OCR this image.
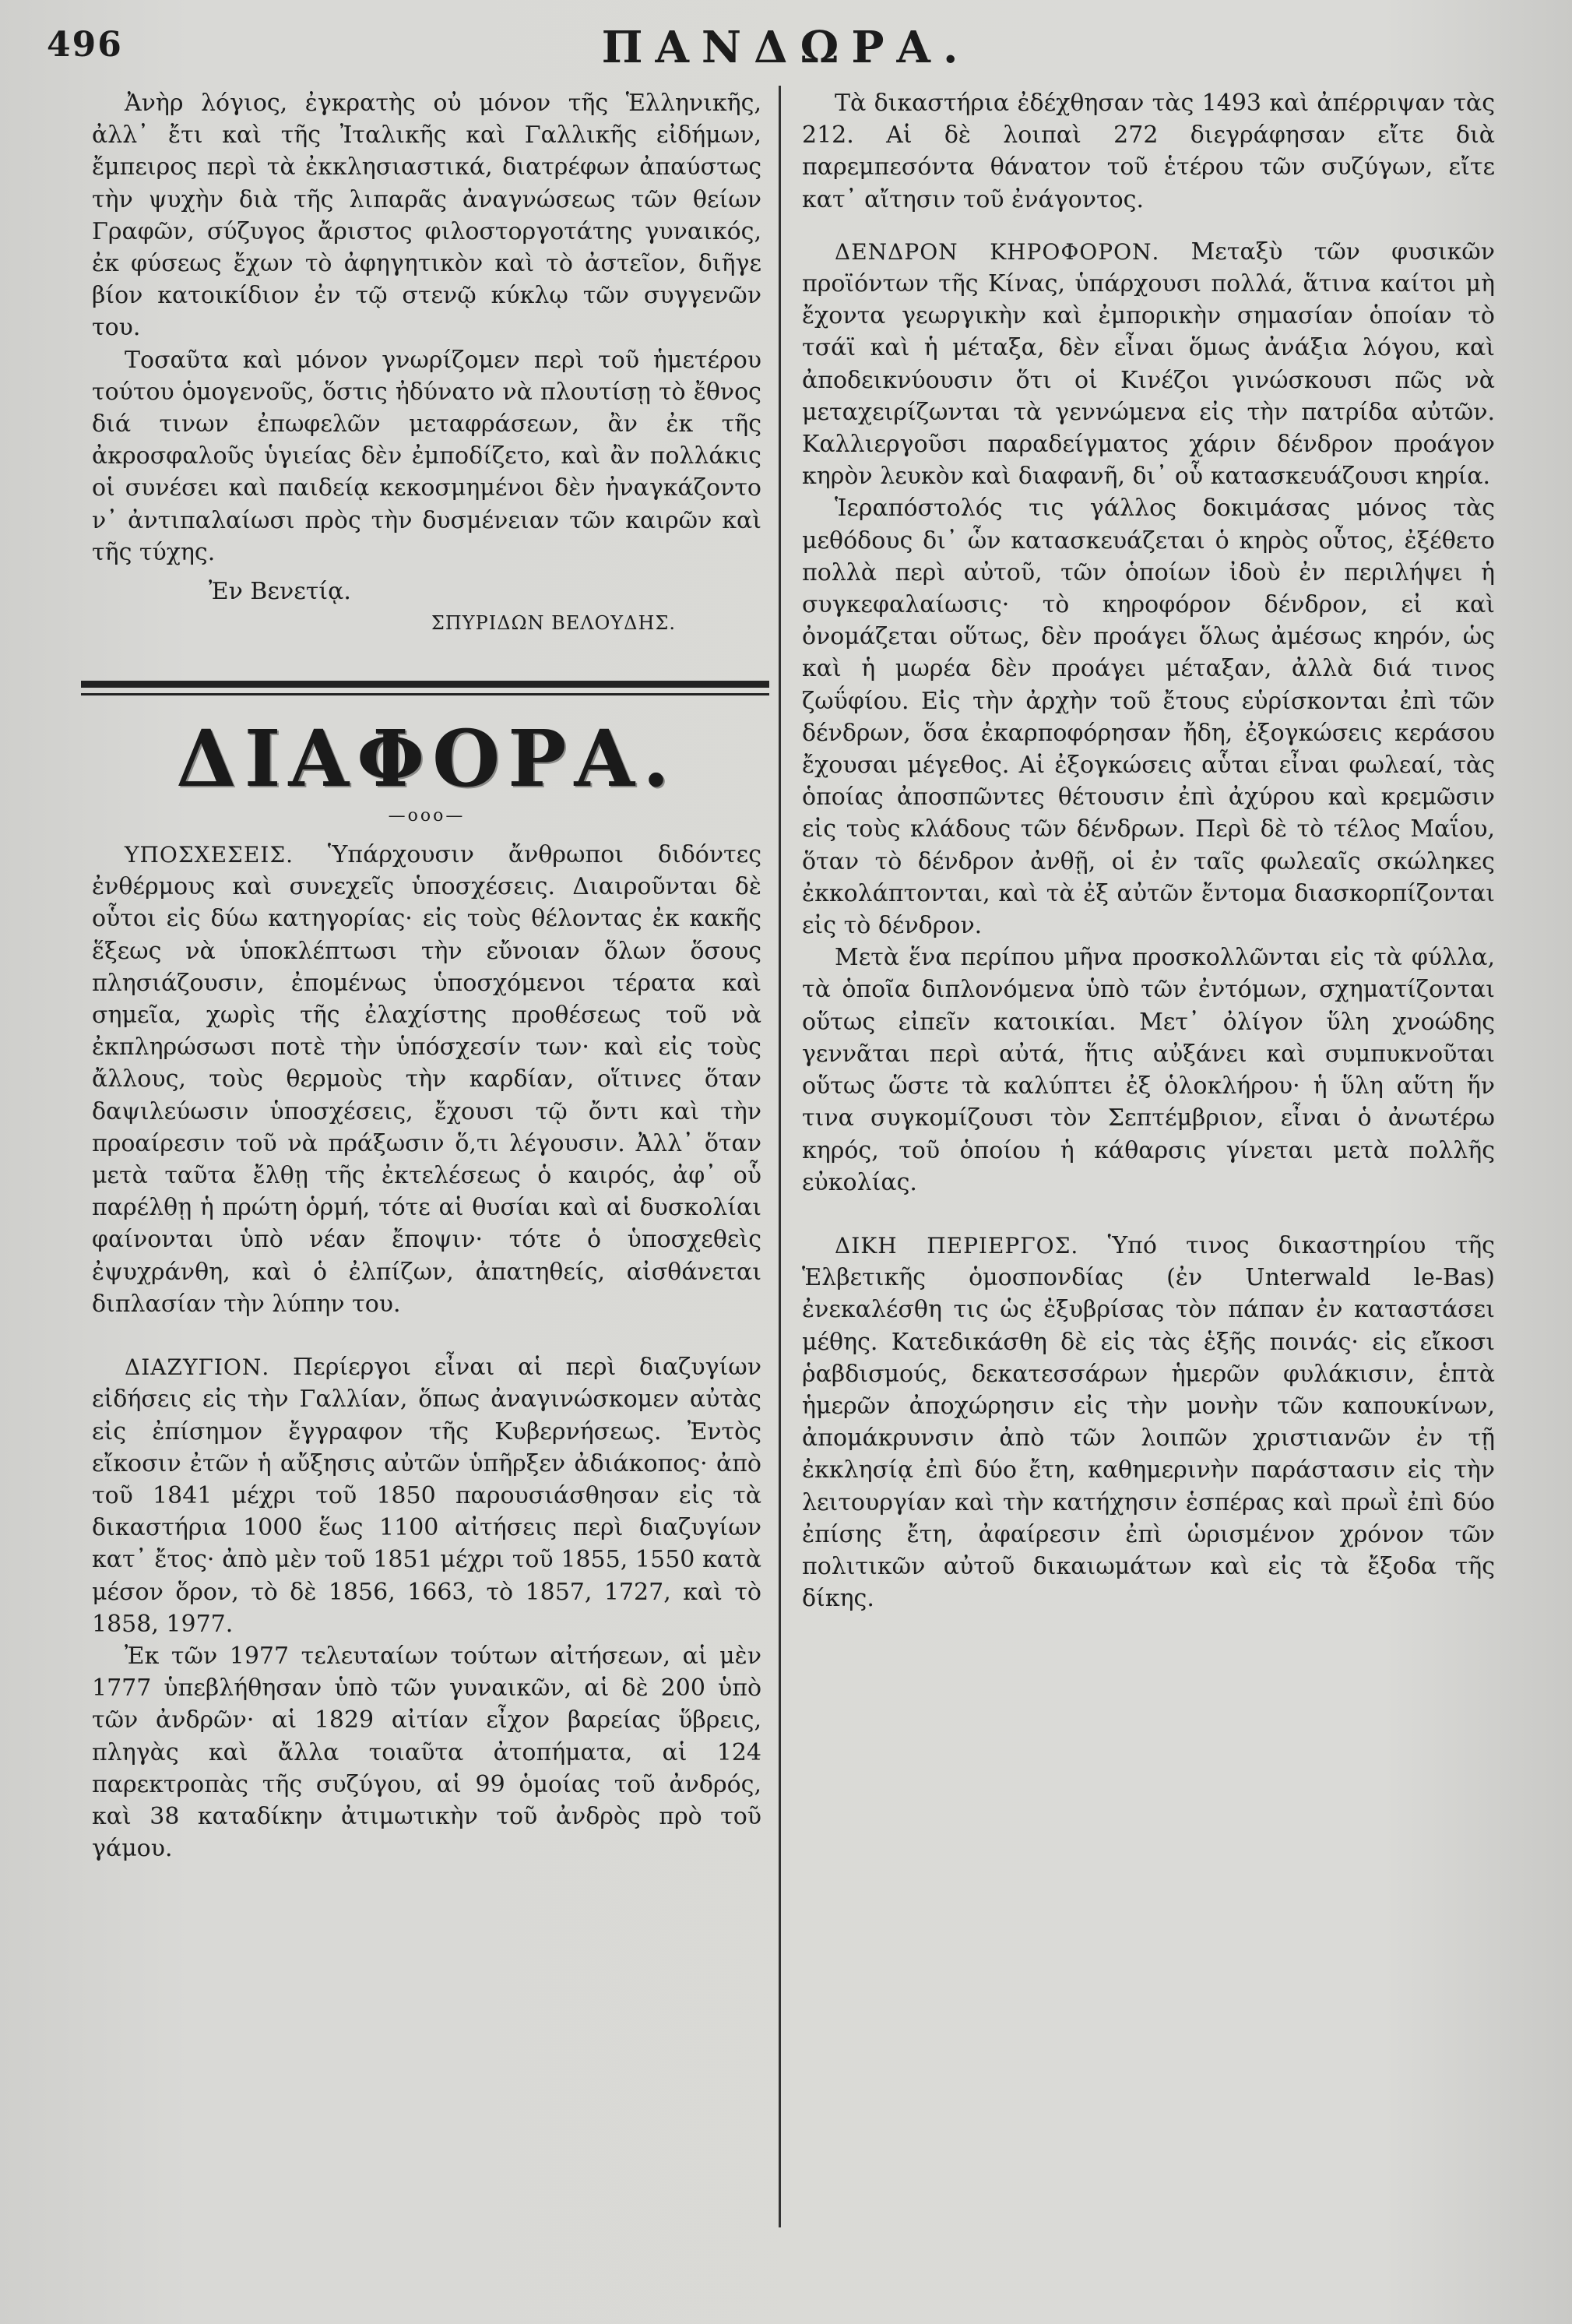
496	ΠΑΝΔΩΡΑ.

Ἀνὴρ λόγιος, ἐγκρατὴς οὐ μόνον τῆς Ἑλληνικῆς, ἀλλ᾽ ἔτι καὶ τῆς Ἰταλικῆς καὶ Γαλλικῆς εἰδήμων, ἔμπειρος περὶ τὰ ἐκκλησιαστικά, διατρέφων ἀπαύστως τὴν ψυχὴν διὰ τῆς λιπαρᾶς ἀναγνώσεως τῶν θείων Γραφῶν, σύζυγος ἄριστος φιλοστοργοτάτης γυναικός, ἐκ φύσεως ἔχων τὸ ἀφηγητικὸν καὶ τὸ ἀστεῖον, διῆγε βίον κατοικίδιον ἐν τῷ στενῷ κύκλῳ τῶν συγγενῶν του.

Τοσαῦτα καὶ μόνον γνωρίζομεν περὶ τοῦ ἡμετέρου τούτου ὁμογενοῦς, ὅστις ἠδύνατο νὰ πλουτίσῃ τὸ ἔθνος διά τινων ἐπωφελῶν μεταφράσεων, ἂν ἐκ τῆς ἀκροσφαλοῦς ὑγιείας δὲν ἐμποδίζετο, καὶ ἂν πολλάκις οἱ συνέσει καὶ παιδείᾳ κεκοσμημένοι δὲν ἠναγκάζοντο ν᾽ ἀντιπαλαίωσι πρὸς τὴν δυσμένειαν τῶν καιρῶν καὶ τῆς τύχης.

Ἐν Βενετίᾳ.
ΣΠΥΡΙΔΩΝ ΒΕΛΟΥΔΗΣ.
ΔΙΑΦΟΡΑ.
—ooo—

ΥΠΟΣΧΕΣΕΙΣ. Ὑπάρχουσιν ἄνθρωποι διδόντες ἐνθέρμους καὶ συνεχεῖς ὑποσχέσεις. Διαιροῦνται δὲ οὗτοι εἰς δύω κατηγορίας· εἰς τοὺς θέλοντας ἐκ κακῆς ἕξεως νὰ ὑποκλέπτωσι τὴν εὔνοιαν ὅλων ὅσους πλησιάζουσιν, ἐπομένως ὑποσχόμενοι τέρατα καὶ σημεῖα, χωρὶς τῆς ἐλαχίστης προθέσεως τοῦ νὰ ἐκπληρώσωσι ποτὲ τὴν ὑπόσχεσίν των· καὶ εἰς τοὺς ἄλλους, τοὺς θερμοὺς τὴν καρδίαν, οἵτινες ὅταν δαψιλεύωσιν ὑποσχέσεις, ἔχουσι τῷ ὄντι καὶ τὴν προαίρεσιν τοῦ νὰ πράξωσιν ὅ,τι λέγουσιν. Ἀλλ᾽ ὅταν μετὰ ταῦτα ἔλθῃ τῆς ἐκτελέσεως ὁ καιρός, ἀφ᾽ οὗ παρέλθῃ ἡ πρώτη ὁρμή, τότε αἱ θυσίαι καὶ αἱ δυσκολίαι φαίνονται ὑπὸ νέαν ἔποψιν· τότε ὁ ὑποσχεθεὶς ἐψυχράνθη, καὶ ὁ ἐλπίζων, ἀπατηθείς, αἰσθάνεται διπλασίαν τὴν λύπην του.

ΔΙΑΖΥΓΙΟΝ. Περίεργοι εἶναι αἱ περὶ διαζυγίων εἰδήσεις εἰς τὴν Γαλλίαν, ὅπως ἀναγινώσκομεν αὐτὰς εἰς ἐπίσημον ἔγγραφον τῆς Κυβερνήσεως. Ἐντὸς εἴκοσιν ἐτῶν ἡ αὔξησις αὐτῶν ὑπῆρξεν ἀδιάκοπος· ἀπὸ τοῦ 1841 μέχρι τοῦ 1850 παρουσιάσθησαν εἰς τὰ δικαστήρια 1000 ἕως 1100 αἰτήσεις περὶ διαζυγίων κατ᾽ ἔτος· ἀπὸ μὲν τοῦ 1851 μέχρι τοῦ 1855, 1550 κατὰ μέσον ὅρον, τὸ δὲ 1856, 1663, τὸ 1857, 1727, καὶ τὸ 1858, 1977.

Ἐκ τῶν 1977 τελευταίων τούτων αἰτήσεων, αἱ μὲν 1777 ὑπεβλήθησαν ὑπὸ τῶν γυναικῶν, αἱ δὲ 200 ὑπὸ τῶν ἀνδρῶν· αἱ 1829 αἰτίαν εἶχον βαρείας ὕβρεις, πληγὰς καὶ ἄλλα τοιαῦτα ἀτοπήματα, αἱ 124 παρεκτροπὰς τῆς συζύγου, αἱ 99 ὁμοίας τοῦ ἀνδρός, καὶ 38 καταδίκην ἀτιμωτικὴν τοῦ ἀνδρὸς πρὸ τοῦ γάμου.

Τὰ δικαστήρια ἐδέχθησαν τὰς 1493 καὶ ἀπέρριψαν τὰς 212. Αἱ δὲ λοιπαὶ 272 διεγράφησαν εἴτε διὰ παρεμπεσόντα θάνατον τοῦ ἑτέρου τῶν συζύγων, εἴτε κατ᾽ αἴτησιν τοῦ ἐνάγοντος.

ΔΕΝΔΡΟΝ ΚΗΡΟΦΟΡΟΝ. Μεταξὺ τῶν φυσικῶν προϊόντων τῆς Κίνας, ὑπάρχουσι πολλά, ἅτινα καίτοι μὴ ἔχοντα γεωργικὴν καὶ ἐμπορικὴν σημασίαν ὁποίαν τὸ τσάϊ καὶ ἡ μέταξα, δὲν εἶναι ὅμως ἀνάξια λόγου, καὶ ἀποδεικνύουσιν ὅτι οἱ Κινέζοι γινώσκουσι πῶς νὰ μεταχειρίζωνται τὰ γεννώμενα εἰς τὴν πατρίδα αὐτῶν. Καλλιεργοῦσι παραδείγματος χάριν δένδρον προάγον κηρὸν λευκὸν καὶ διαφανῆ, δι᾽ οὗ κατασκευάζουσι κηρία.

Ἱεραπόστολός τις γάλλος δοκιμάσας μόνος τὰς μεθόδους δι᾽ ὧν κατασκευάζεται ὁ κηρὸς οὗτος, ἐξέθετο πολλὰ περὶ αὐτοῦ, τῶν ὁποίων ἰδοὺ ἐν περιλήψει ἡ συγκεφαλαίωσις· τὸ κηροφόρον δένδρον, εἰ καὶ ὀνομάζεται οὕτως, δὲν προάγει ὅλως ἀμέσως κηρόν, ὡς καὶ ἡ μωρέα δὲν προάγει μέταξαν, ἀλλὰ διά τινος ζωΰφίου. Εἰς τὴν ἀρχὴν τοῦ ἔτους εὑρίσκονται ἐπὶ τῶν δένδρων, ὅσα ἐκαρποφόρησαν ἤδη, ἐξογκώσεις κεράσου ἔχουσαι μέγεθος. Αἱ ἐξογκώσεις αὗται εἶναι φωλεαί, τὰς ὁποίας ἀποσπῶντες θέτουσιν ἐπὶ ἀχύρου καὶ κρεμῶσιν εἰς τοὺς κλάδους τῶν δένδρων. Περὶ δὲ τὸ τέλος Μαΐου, ὅταν τὸ δένδρον ἀνθῇ, οἱ ἐν ταῖς φωλεαῖς σκώληκες ἐκκολάπτονται, καὶ τὰ ἐξ αὐτῶν ἔντομα διασκορπίζονται εἰς τὸ δένδρον.

Μετὰ ἕνα περίπου μῆνα προσκολλῶνται εἰς τὰ φύλλα, τὰ ὁποῖα διπλονόμενα ὑπὸ τῶν ἐντόμων, σχηματίζονται οὕτως εἰπεῖν κατοικίαι. Μετ᾽ ὀλίγον ὕλη χνοώδης γεννᾶται περὶ αὐτά, ἥτις αὐξάνει καὶ συμπυκνοῦται οὕτως ὥστε τὰ καλύπτει ἐξ ὁλοκλήρου· ἡ ὕλη αὕτη ἥν τινα συγκομίζουσι τὸν Σεπτέμβριον, εἶναι ὁ ἀνωτέρω κηρός, τοῦ ὁποίου ἡ κάθαρσις γίνεται μετὰ πολλῆς εὐκολίας.

ΔΙΚΗ ΠΕΡΙΕΡΓΟΣ. Ὑπό τινος δικαστηρίου τῆς Ἑλβετικῆς ὁμοσπονδίας (ἐν Unterwald le-Bas) ἐνεκαλέσθη τις ὡς ἐξυβρίσας τὸν πάπαν ἐν καταστάσει μέθης. Κατεδικάσθη δὲ εἰς τὰς ἑξῆς ποινάς· εἰς εἴκοσι ῥαβδισμούς, δεκατεσσάρων ἡμερῶν φυλάκισιν, ἑπτὰ ἡμερῶν ἀποχώρησιν εἰς τὴν μονὴν τῶν καπουκίνων, ἀπομάκρυνσιν ἀπὸ τῶν λοιπῶν χριστιανῶν ἐν τῇ ἐκκλησίᾳ ἐπὶ δύο ἔτη, καθημερινὴν παράστασιν εἰς τὴν λειτουργίαν καὶ τὴν κατήχησιν ἑσπέρας καὶ πρωῒ ἐπὶ δύο ἐπίσης ἔτη, ἀφαίρεσιν ἐπὶ ὡρισμένον χρόνον τῶν πολιτικῶν αὐτοῦ δικαιωμάτων καὶ εἰς τὰ ἔξοδα τῆς δίκης.
